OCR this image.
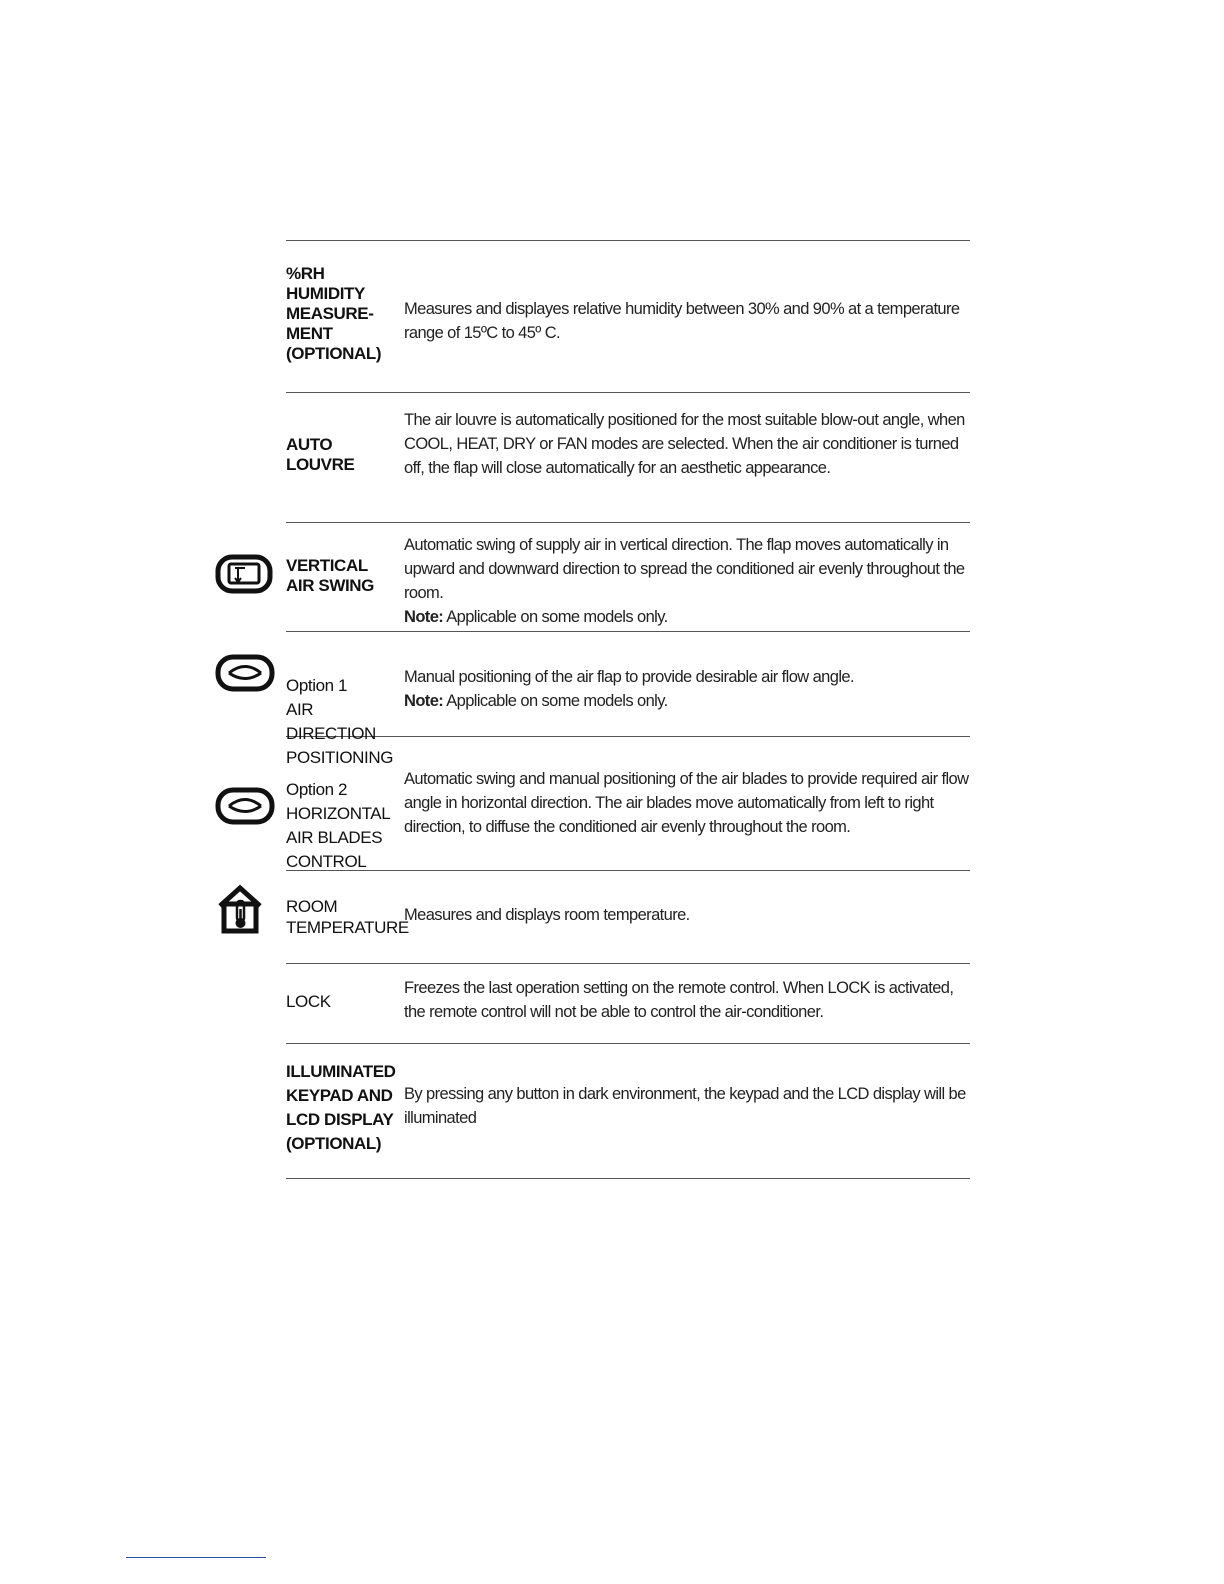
%RH
HUMIDITY
MEASURE-
MENT
(OPTIONAL)
Measures and displayes relative humidity between 30% and 90% at a temperature range of 15ºC to 45º C.
AUTO
LOUVRE
The air louvre is automatically positioned for the most suitable blow-out angle, when COOL, HEAT, DRY or FAN modes are selected. When the air conditioner is turned off, the flap will close automatically for an aesthetic appearance.
VERTICAL
AIR SWING
Automatic swing of supply air in vertical direction. The flap moves automatically in upward and downward direction to spread the conditioned air evenly throughout the room.
Note: Applicable on some models only.

Option 1
AIR DIRECTION
POSITIONING

Manual positioning of the air flap to provide desirable air flow angle.
Note: Applicable on some models only.

Option 2
HORIZONTAL
AIR BLADES
CONTROL

Automatic swing and manual positioning of the air blades to provide required air flow angle in horizontal direction. The air blades move automatically from left to right direction, to diffuse the conditioned air evenly throughout the room.
ROOM
TEMPERATURE
Measures and displays room temperature.
LOCK
Freezes the last operation setting on the remote control. When LOCK is activated, the remote control will not be able to control the air-conditioner.
ILLUMINATED
KEYPAD AND
LCD DISPLAY
(OPTIONAL)
By pressing any button in dark environment, the keypad and the LCD display will be illuminated
